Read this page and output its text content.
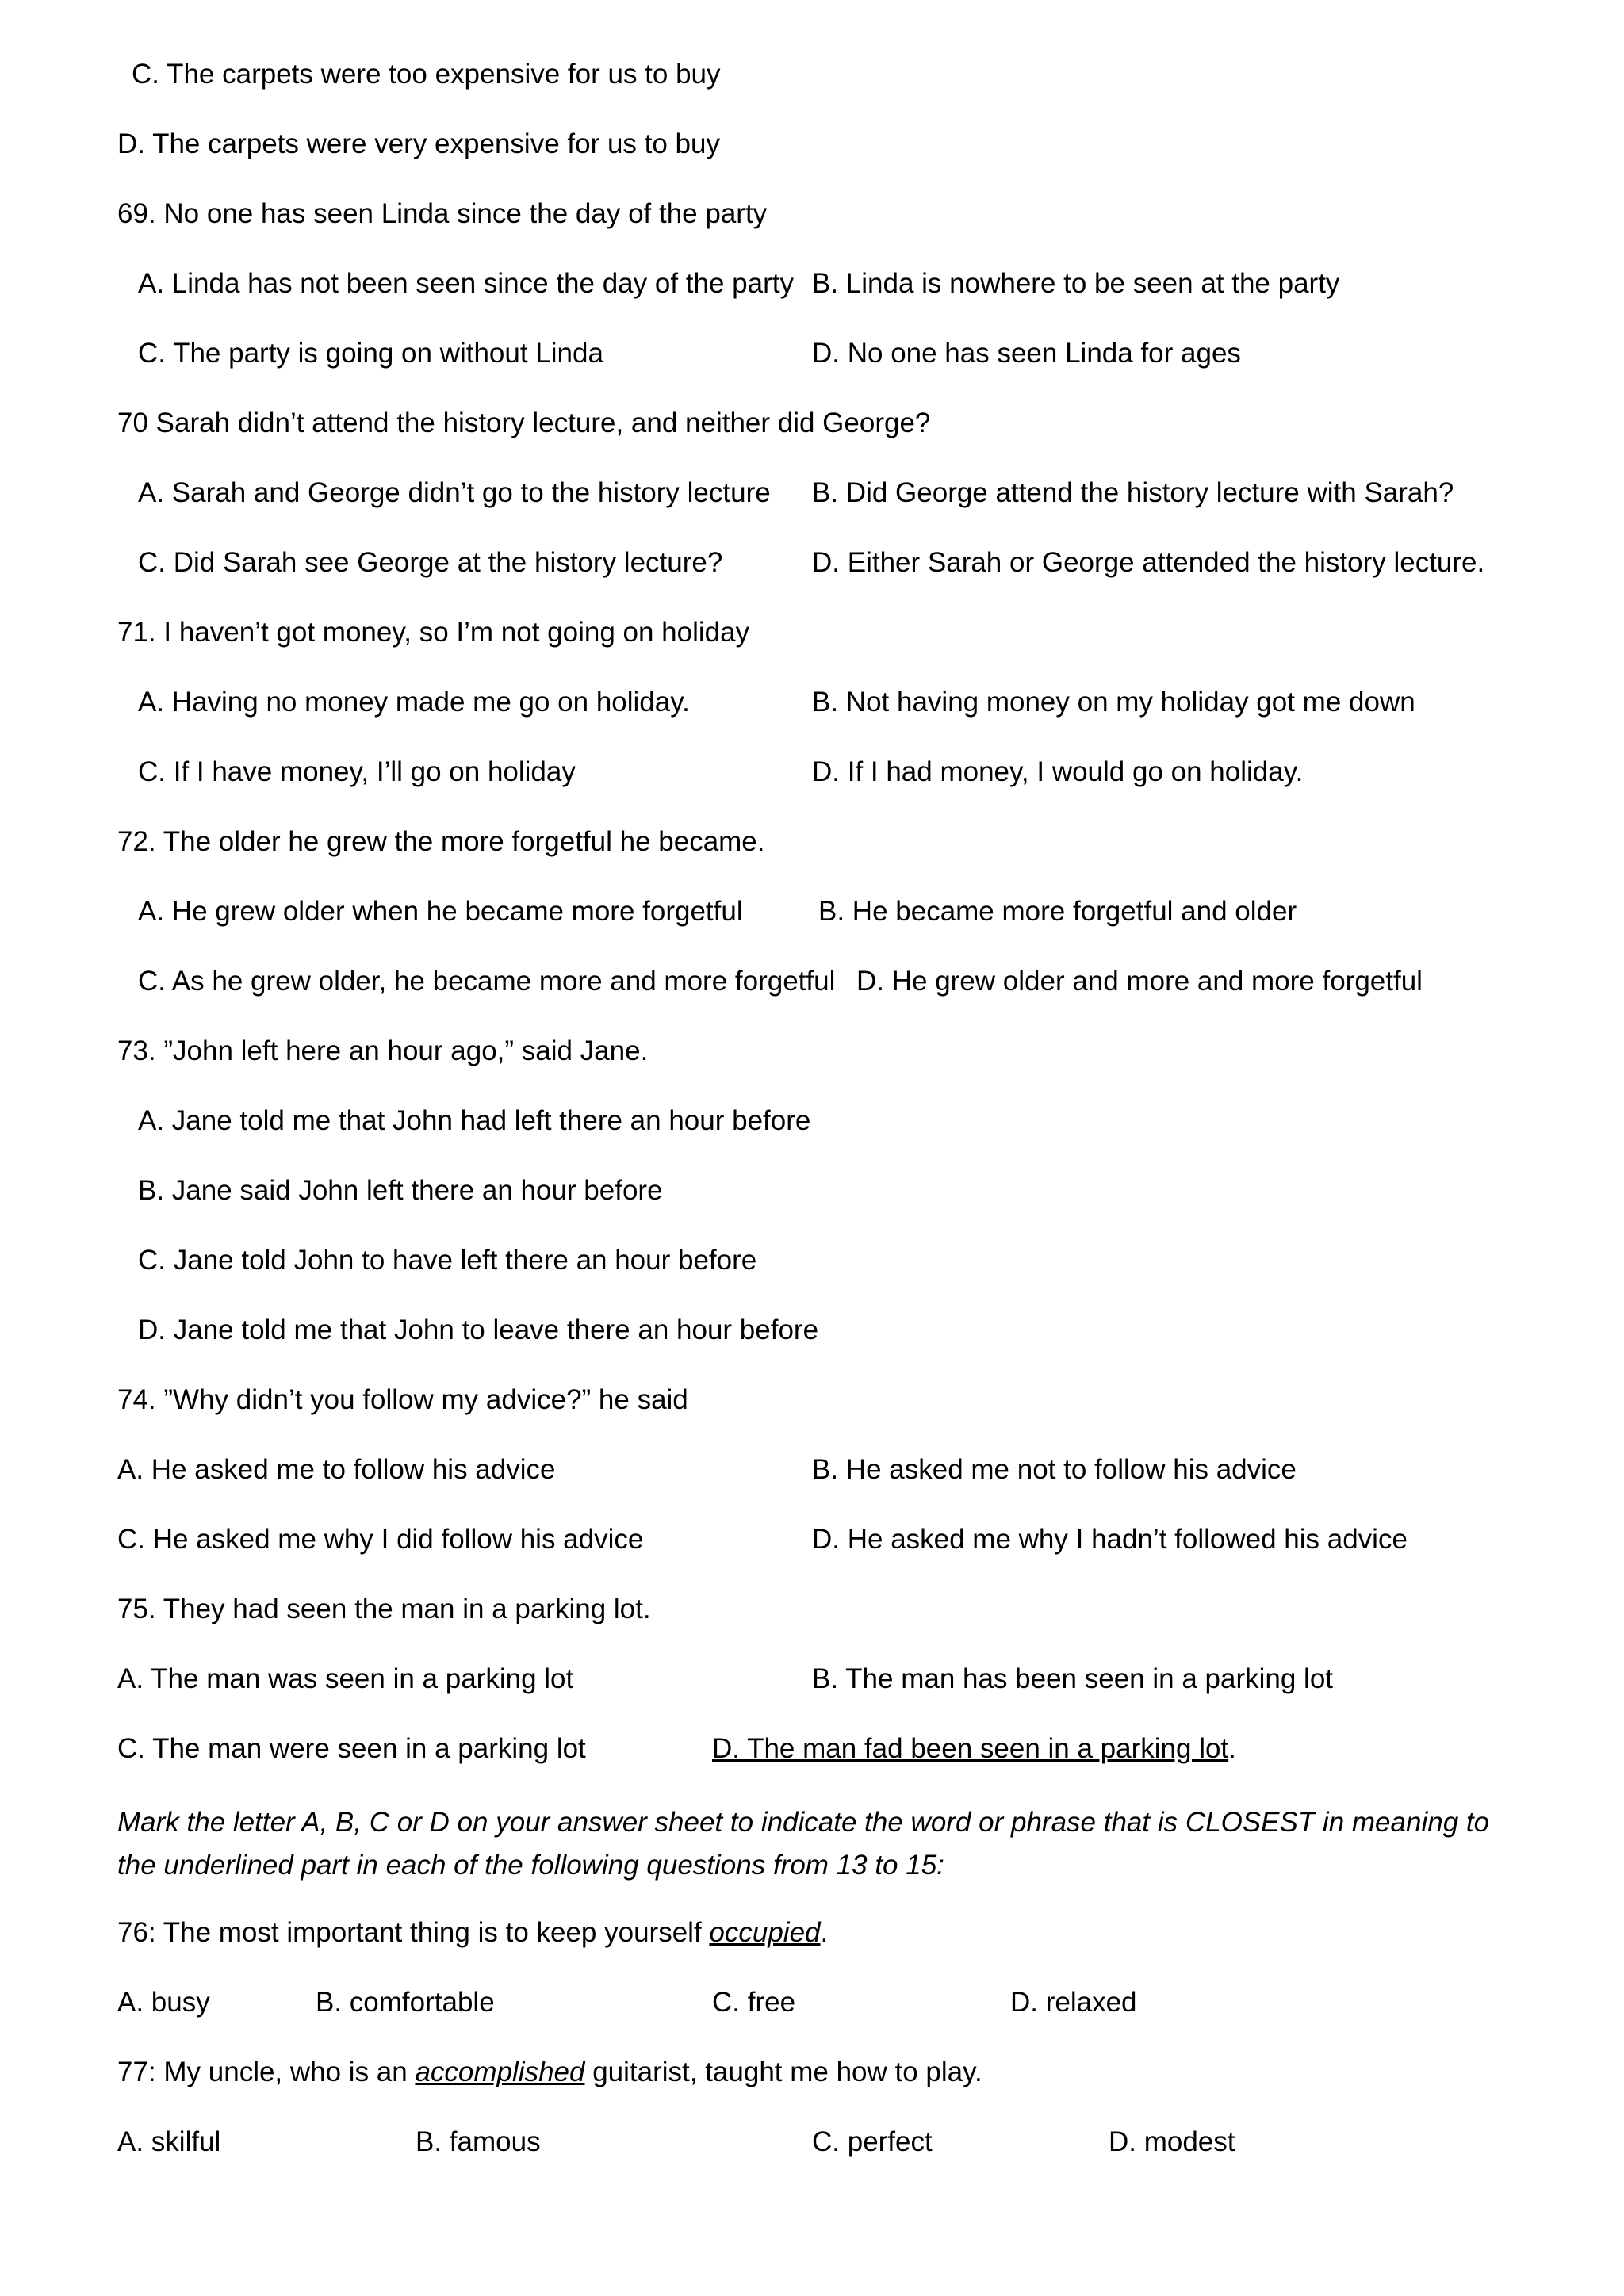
C. The carpets were too expensive for us to buy
D. The carpets were very expensive for us to buy
69. No one has seen Linda since the day of the party
A. Linda has not been seen since the day of the party B. Linda is nowhere to be seen at the party
C. The party is going on without Linda	D. No one has seen Linda for ages
70 Sarah didn’t attend the history lecture, and neither did George?
A. Sarah and George didn’t go to the history lecture B. Did George attend the history lecture with Sarah?
C. Did Sarah see George at the history lecture?	D. Either Sarah or George attended the history lecture.
71. I haven’t got money, so I’m not going on holiday
A. Having no money made me go on holiday.	B. Not having money on my holiday got me down
C. If I have money, I’ll go on holiday	D. If I had money, I would go on holiday.
72. The older he grew the more forgetful he became.
A. He grew older when he became more forgetful	B. He became more forgetful and older
C. As he grew older, he became more and more forgetful D. He grew older and more and more forgetful
73. ”John left here an hour ago,” said Jane.
A. Jane told me that John had left there an hour before
B. Jane said John left there an hour before
C. Jane told John to have left there an hour before
D. Jane told me that John to leave there an hour before
74. ”Why didn’t you follow my advice?” he said
A. He asked me to follow his advice	B. He asked me not to follow his advice
C. He asked me why I did follow his advice	D. He asked me why I hadn’t followed his advice
75. They had seen the man in a parking lot.
A. The man was seen in a parking lot	B. The man has been seen in a parking lot
C. The man were seen in a parking lot	D. The man fad been seen in a parking lot.
Mark the letter A, B, C or D on your answer sheet to indicate the word or phrase that is CLOSEST in meaning to the underlined part in each of the following questions from 13 to 15:
76: The most important thing is to keep yourself occupied.
A. busy	B. comfortable	C. free	D. relaxed
77: My uncle, who is an accomplished guitarist, taught me how to play.
A. skilful	B. famous	C. perfect	D. modest
